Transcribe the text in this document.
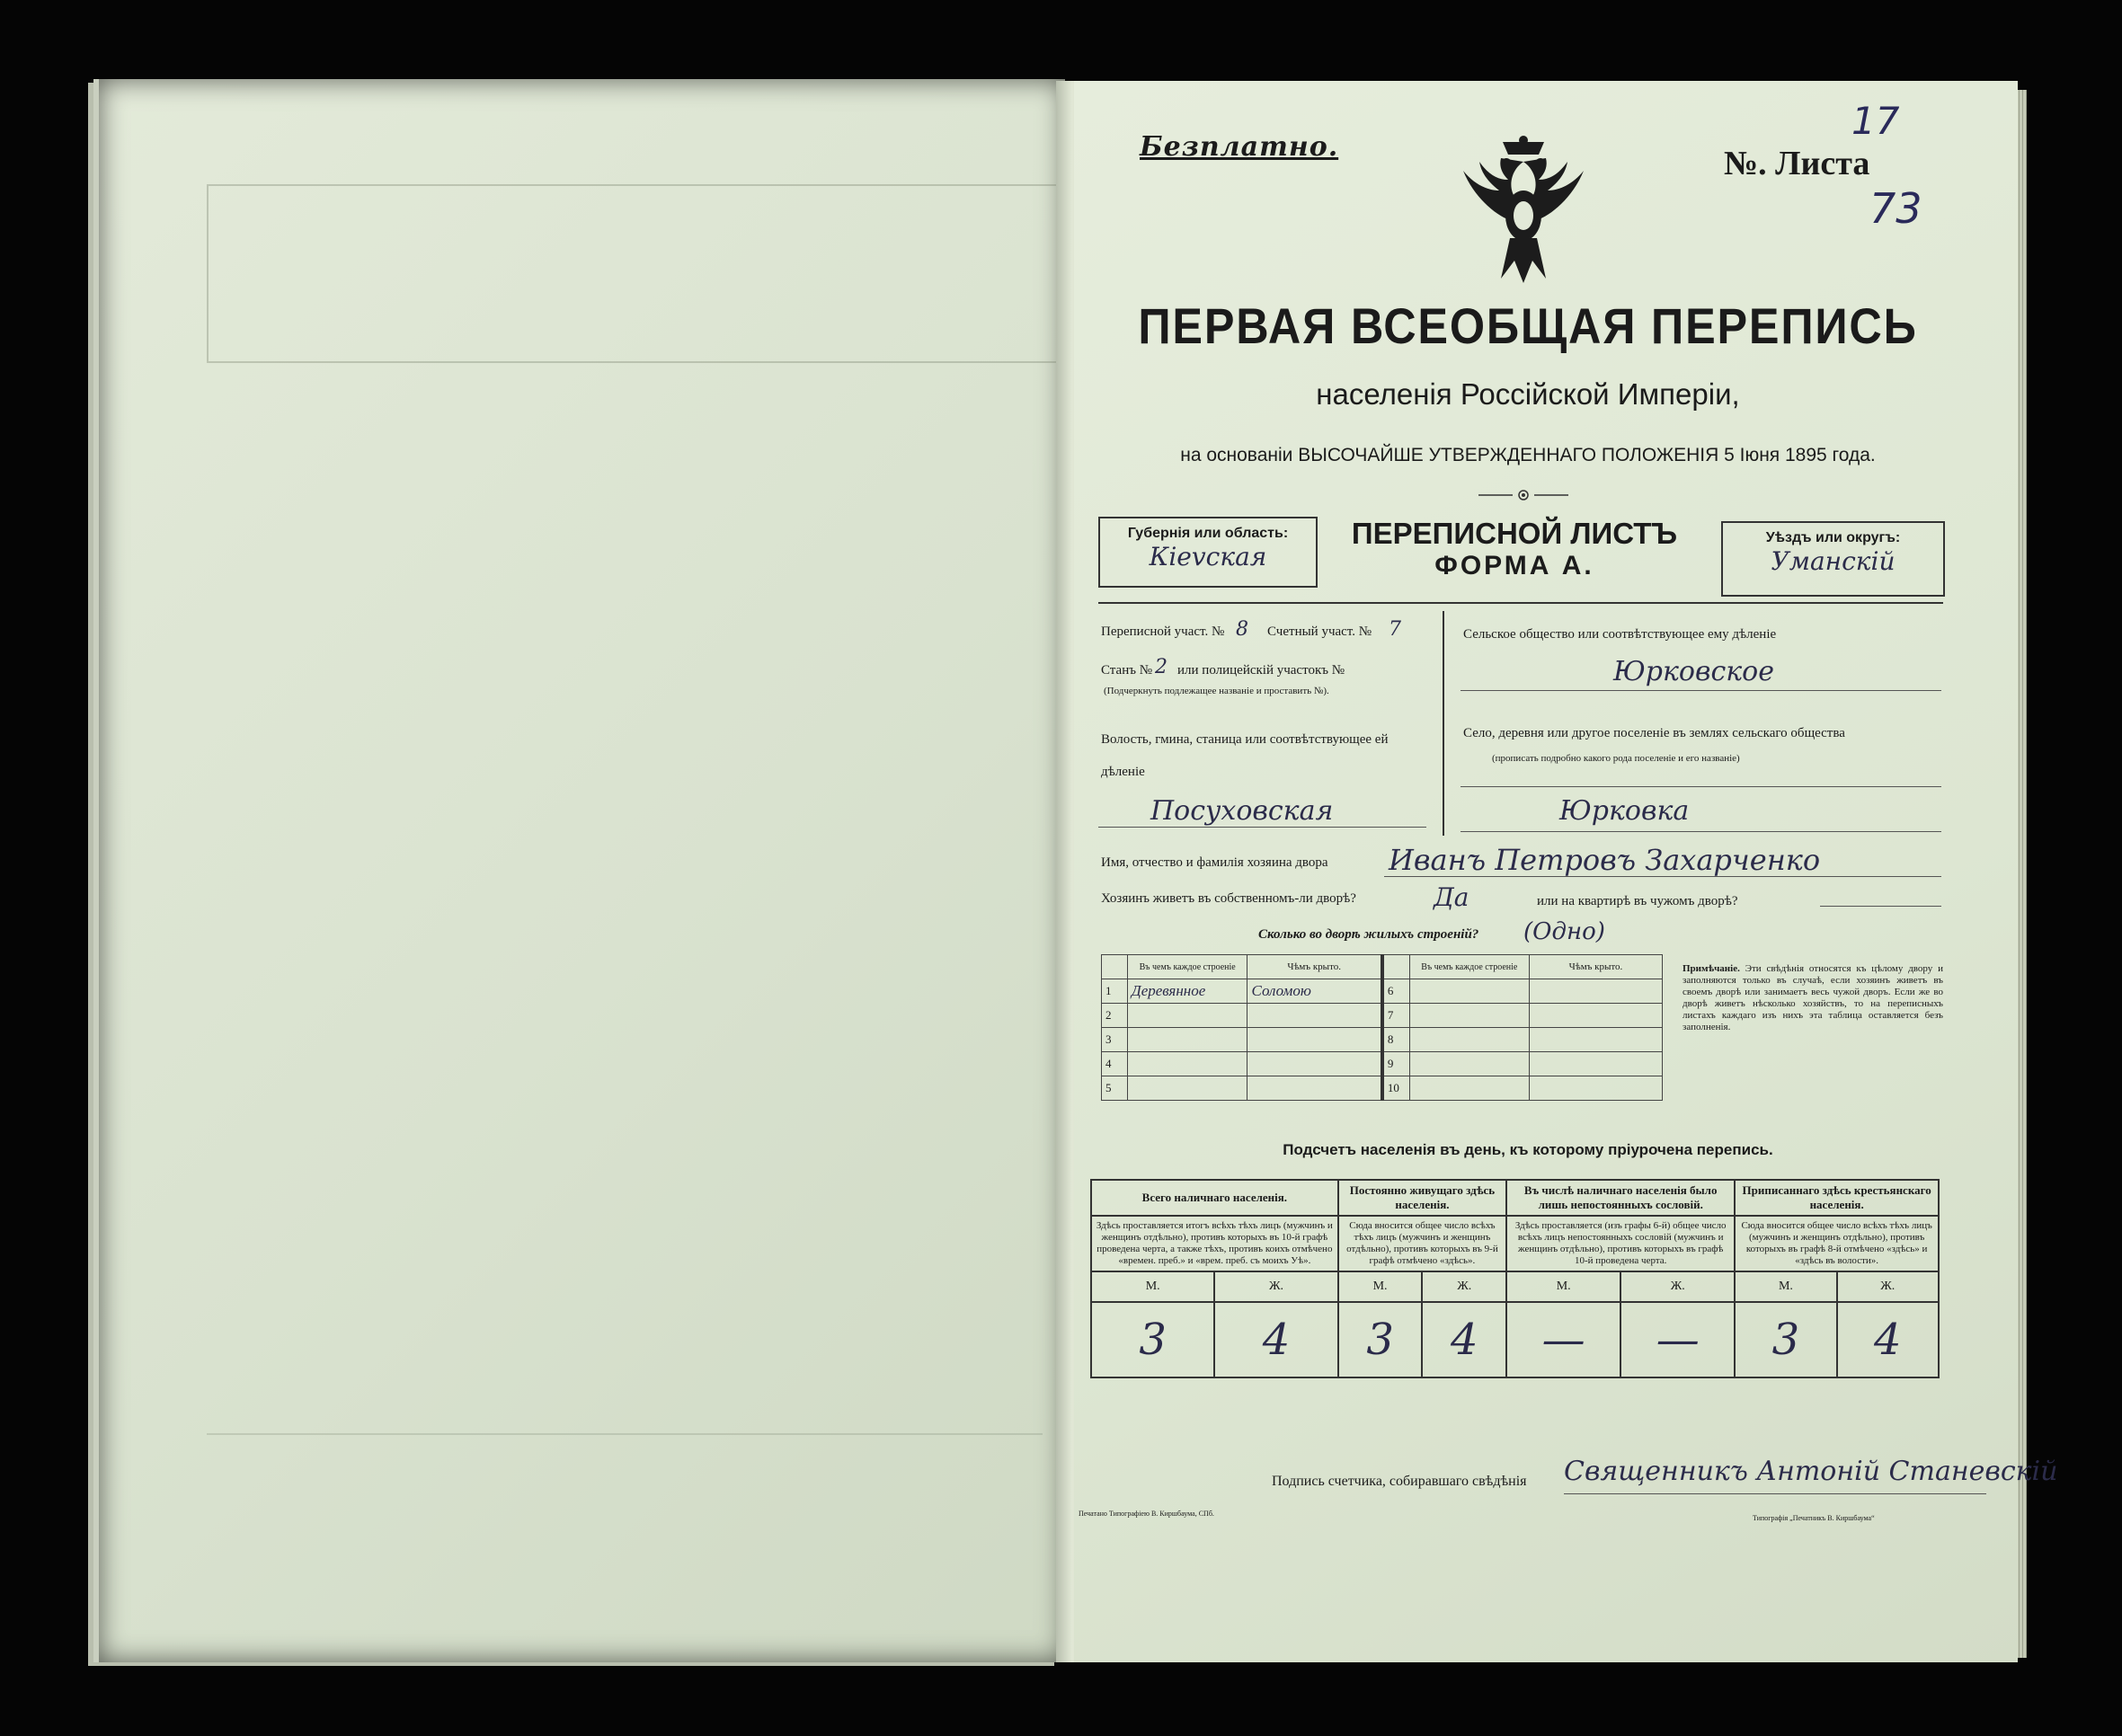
Безплатно.	№. Листа
17
73
ПЕРВАЯ ВСЕОБЩАЯ ПЕРЕПИСЬ
населенія Россійской Имперіи,
на основаніи ВЫСОЧАЙШЕ УТВЕРЖДЕННАГО ПОЛОЖЕНІЯ 5 Іюня 1895 года.
Губернія или область:
Кievская
ПЕРЕПИСНОЙ ЛИСТЪ
ФОРМА А.
Уѣздъ или округъ:
Уманскій
Переписной участ. № 8 Счетный участ. № 7
Станъ № 2 или полицейскій участокъ №
(Подчеркнуть подлежащее названіе и проставить №).
Волость, гмина, станица или соотвѣтствующее ей дѣленіе
Посуховская
Сельское общество или соотвѣтствующее ему дѣленіе
Юрковское
Село, деревня или другое поселеніе въ землях сельскаго общества
(прописать подробно какого рода поселеніе и его названіе)
Юрковка
Имя, отчество и фамилія хозяина двора Иванъ Петровъ Захарченко
Хозяинъ живетъ въ собственномъ-ли дворѣ?	Да	или на квартирѣ въ чужомъ дворѣ?
Сколько во дворѣ жилыхъ строеній? (Одно)
	Въ чемъ каждое строеніе	Чѣмъ крыто.		Въ чемъ каждое строеніе	Чѣмъ крыто.
1	Деревянное	Соломою	6		
2			7		
3			8		
4			9		
5			10		
Примѣчаніе. Эти свѣдѣнія относятся къ цѣлому двору и заполняются только въ случаѣ, если хозяинъ живетъ въ своемъ дворѣ или занимаетъ весь чужой дворъ. Если же во дворѣ живетъ нѣсколько хозяйствъ, то на переписныхъ листахъ каждаго изъ нихъ эта таблица оставляется безъ заполненія.
Подсчетъ населенія въ день, къ которому пріурочена перепись.
Всего наличнаго населенія.		Постоянно живущаго здѣсь населенія.		Въ числѣ наличнаго населенія было лишь непостоянныхъ сословій.		Приписаннаго здѣсь крестьянскаго населенія.	
Здѣсь проставляется итогъ всѣхъ тѣхъ лицъ (мужчинъ и женщинъ отдѣльно), противъ которыхъ въ 10-й графѣ проведена черта, а также тѣхъ, противъ коихъ отмѣчено «времен. преб.» и «врем. преб. съ моихъ Уѣ».		Сюда вносится общее число всѣхъ тѣхъ лицъ (мужчинъ и женщинъ отдѣльно), противъ которыхъ въ 9-й графѣ отмѣчено «здѣсь».		Здѣсь проставляется (изъ графы 6-й) общее число всѣхъ лицъ непостоянныхъ сословій (мужчинъ и женщинъ отдѣльно), противъ которыхъ въ графѣ 10-й проведена черта.		Сюда вносится общее число всѣхъ тѣхъ лицъ (мужчинъ и женщинъ отдѣльно), противъ которыхъ въ графѣ 8-й отмѣчено «здѣсь» и «здѣсь въ волости».	
М.	Ж.	М.	Ж.	М.	Ж.	М.	Ж.
3	4	3	4	—	—	3	4
Подпись счетчика, собиравшаго свѣдѣнія Священникъ Антоній Станевскій
Печатано Типографіею В. Киршбаума, СПб.
Типографія „Печатникъ В. Киршбаума“
